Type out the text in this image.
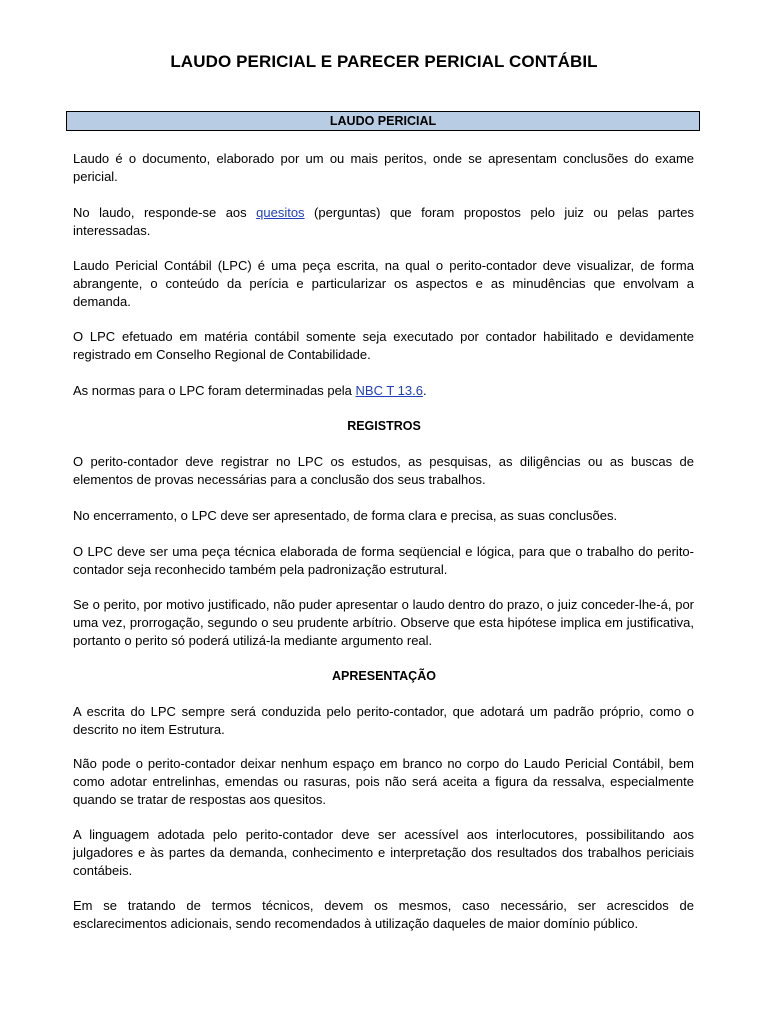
LAUDO PERICIAL E PARECER PERICIAL CONTÁBIL
LAUDO PERICIAL

Laudo é o documento, elaborado por um ou mais peritos, onde se apresentam conclusões do exame pericial.

No laudo, responde-se aos quesitos (perguntas) que foram propostos pelo juiz ou pelas partes interessadas.

Laudo Pericial Contábil (LPC) é uma peça escrita, na qual o perito-contador deve visualizar, de forma abrangente, o conteúdo da perícia e particularizar os aspectos e as minudências que envolvam a demanda.

O LPC efetuado em matéria contábil somente seja executado por contador habilitado e devidamente registrado em Conselho Regional de Contabilidade.

As normas para o LPC foram determinadas pela NBC T 13.6.

REGISTROS

O perito-contador deve registrar no LPC os estudos, as pesquisas, as diligências ou as buscas de elementos de provas necessárias para a conclusão dos seus trabalhos.

No encerramento, o LPC deve ser apresentado, de forma clara e precisa, as suas conclusões.

O LPC deve ser uma peça técnica elaborada de forma seqüencial e lógica, para que o trabalho do perito-contador seja reconhecido também pela padronização estrutural.

Se o perito, por motivo justificado, não puder apresentar o laudo dentro do prazo, o juiz conceder-lhe-á, por uma vez, prorrogação, segundo o seu prudente arbítrio. Observe que esta hipótese implica em justificativa, portanto o perito só poderá utilizá-la mediante argumento real.

APRESENTAÇÃO

A escrita do LPC sempre será conduzida pelo perito-contador, que adotará um padrão próprio, como o descrito no item Estrutura.

Não pode o perito-contador deixar nenhum espaço em branco no corpo do Laudo Pericial Contábil, bem como adotar entrelinhas, emendas ou rasuras, pois não será aceita a figura da ressalva, especialmente quando se tratar de respostas aos quesitos.

A linguagem adotada pelo perito-contador deve ser acessível aos interlocutores, possibilitando aos julgadores e às partes da demanda, conhecimento e interpretação dos resultados dos trabalhos periciais contábeis.

Em se tratando de termos técnicos, devem os mesmos, caso necessário, ser acrescidos de esclarecimentos adicionais, sendo recomendados à utilização daqueles de maior domínio público.
